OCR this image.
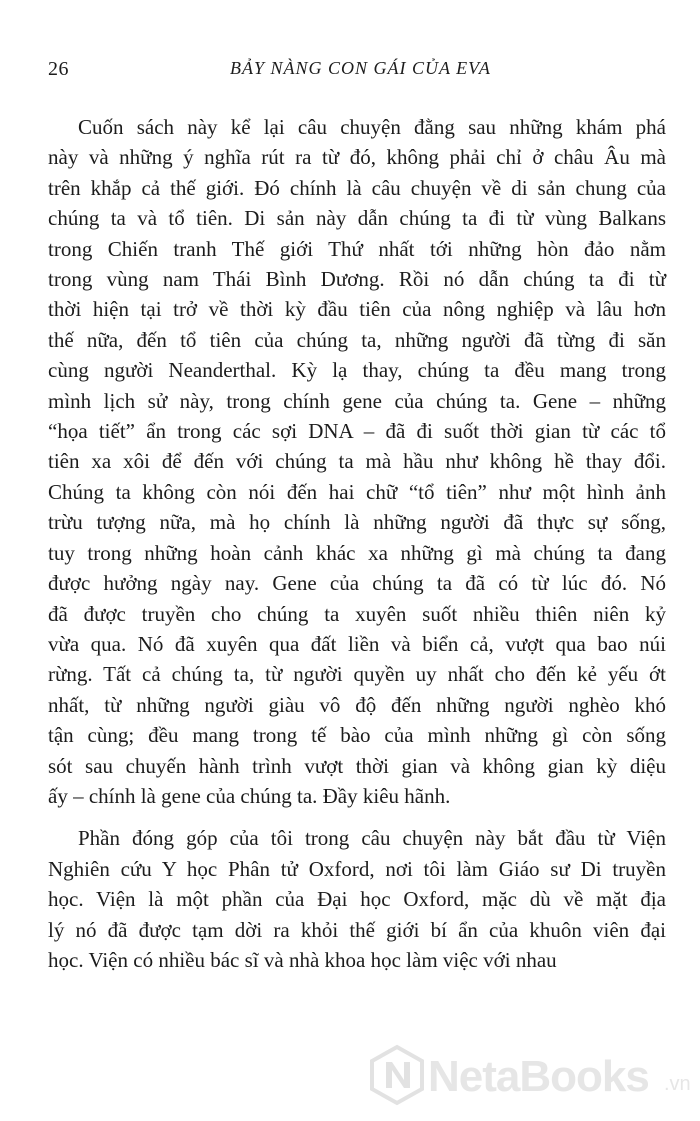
26	BẢY NÀNG CON GÁI CỦA EVA
Cuốn sách này kể lại câu chuyện đằng sau những khám phá
này và những ý nghĩa rút ra từ đó, không phải chỉ ở châu Âu mà
trên khắp cả thế giới. Đó chính là câu chuyện về di sản chung của
chúng ta và tổ tiên. Di sản này dẫn chúng ta đi từ vùng Balkans
trong Chiến tranh Thế giới Thứ nhất tới những hòn đảo nằm
trong vùng nam Thái Bình Dương. Rồi nó dẫn chúng ta đi từ
thời hiện tại trở về thời kỳ đầu tiên của nông nghiệp và lâu hơn
thế nữa, đến tổ tiên của chúng ta, những người đã từng đi săn
cùng người Neanderthal. Kỳ lạ thay, chúng ta đều mang trong
mình lịch sử này, trong chính gene của chúng ta. Gene – những
“họa tiết” ẩn trong các sợi DNA – đã đi suốt thời gian từ các tổ
tiên xa xôi để đến với chúng ta mà hầu như không hề thay đổi.
Chúng ta không còn nói đến hai chữ “tổ tiên” như một hình ảnh
trừu tượng nữa, mà họ chính là những người đã thực sự sống,
tuy trong những hoàn cảnh khác xa những gì mà chúng ta đang
được hưởng ngày nay. Gene của chúng ta đã có từ lúc đó. Nó
đã được truyền cho chúng ta xuyên suốt nhiều thiên niên kỷ
vừa qua. Nó đã xuyên qua đất liền và biển cả, vượt qua bao núi
rừng. Tất cả chúng ta, từ người quyền uy nhất cho đến kẻ yếu ớt
nhất, từ những người giàu vô độ đến những người nghèo khó
tận cùng; đều mang trong tế bào của mình những gì còn sống
sót sau chuyến hành trình vượt thời gian và không gian kỳ diệu
ấy – chính là gene của chúng ta. Đầy kiêu hãnh.
Phần đóng góp của tôi trong câu chuyện này bắt đầu từ Viện
Nghiên cứu Y học Phân tử Oxford, nơi tôi làm Giáo sư Di truyền
học. Viện là một phần của Đại học Oxford, mặc dù về mặt địa
lý nó đã được tạm dời ra khỏi thế giới bí ẩn của khuôn viên đại
học. Viện có nhiều bác sĩ và nhà khoa học làm việc với nhau
NetaBooks .vn
